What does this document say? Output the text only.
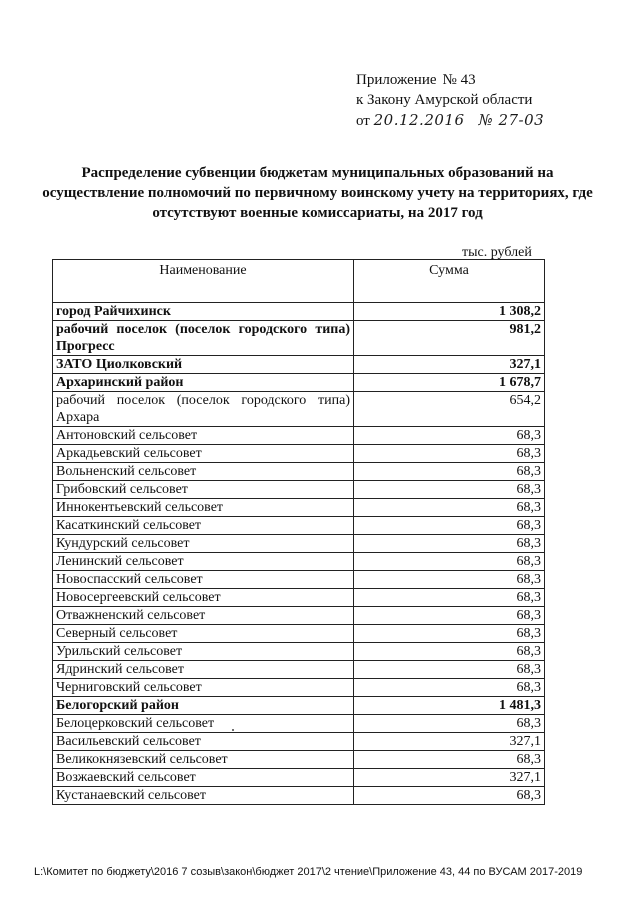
Приложение № 43
к Закону Амурской области
от 20.12.2016 № 27-03
Распределение субвенции бюджетам муниципальных образований на осуществление полномочий по первичному воинскому учету на территориях, где отсутствуют военные комиссариаты, на 2017 год
тыс. рублей
Наименование	Сумма
город Райчихинск	1 308,2
рабочий поселок (поселок городского типа) Прогресс	981,2
ЗАТО Циолковский	327,1
Архаринский район	1 678,7
рабочий поселок (поселок городского типа) Архара	654,2
Антоновский сельсовет	68,3
Аркадьевский сельсовет	68,3
Вольненский сельсовет	68,3
Грибовский сельсовет	68,3
Иннокентьевский сельсовет	68,3
Касаткинский сельсовет	68,3
Кундурский сельсовет	68,3
Ленинский сельсовет	68,3
Новоспасский сельсовет	68,3
Новосергеевский сельсовет	68,3
Отважненский сельсовет	68,3
Северный сельсовет	68,3
Урильский сельсовет	68,3
Ядринский сельсовет	68,3
Черниговский сельсовет	68,3
Белогорский район	1 481,3
Белоцерковский сельсовет	68,3
Васильевский сельсовет	327,1
Великокнязевский сельсовет	68,3
Возжаевский сельсовет	327,1
Кустанаевский сельсовет	68,3
L:\Комитет по бюджету\2016 7 созыв\закон\бюджет 2017\2 чтение\Приложение 43, 44 по ВУСАМ 2017-2019
